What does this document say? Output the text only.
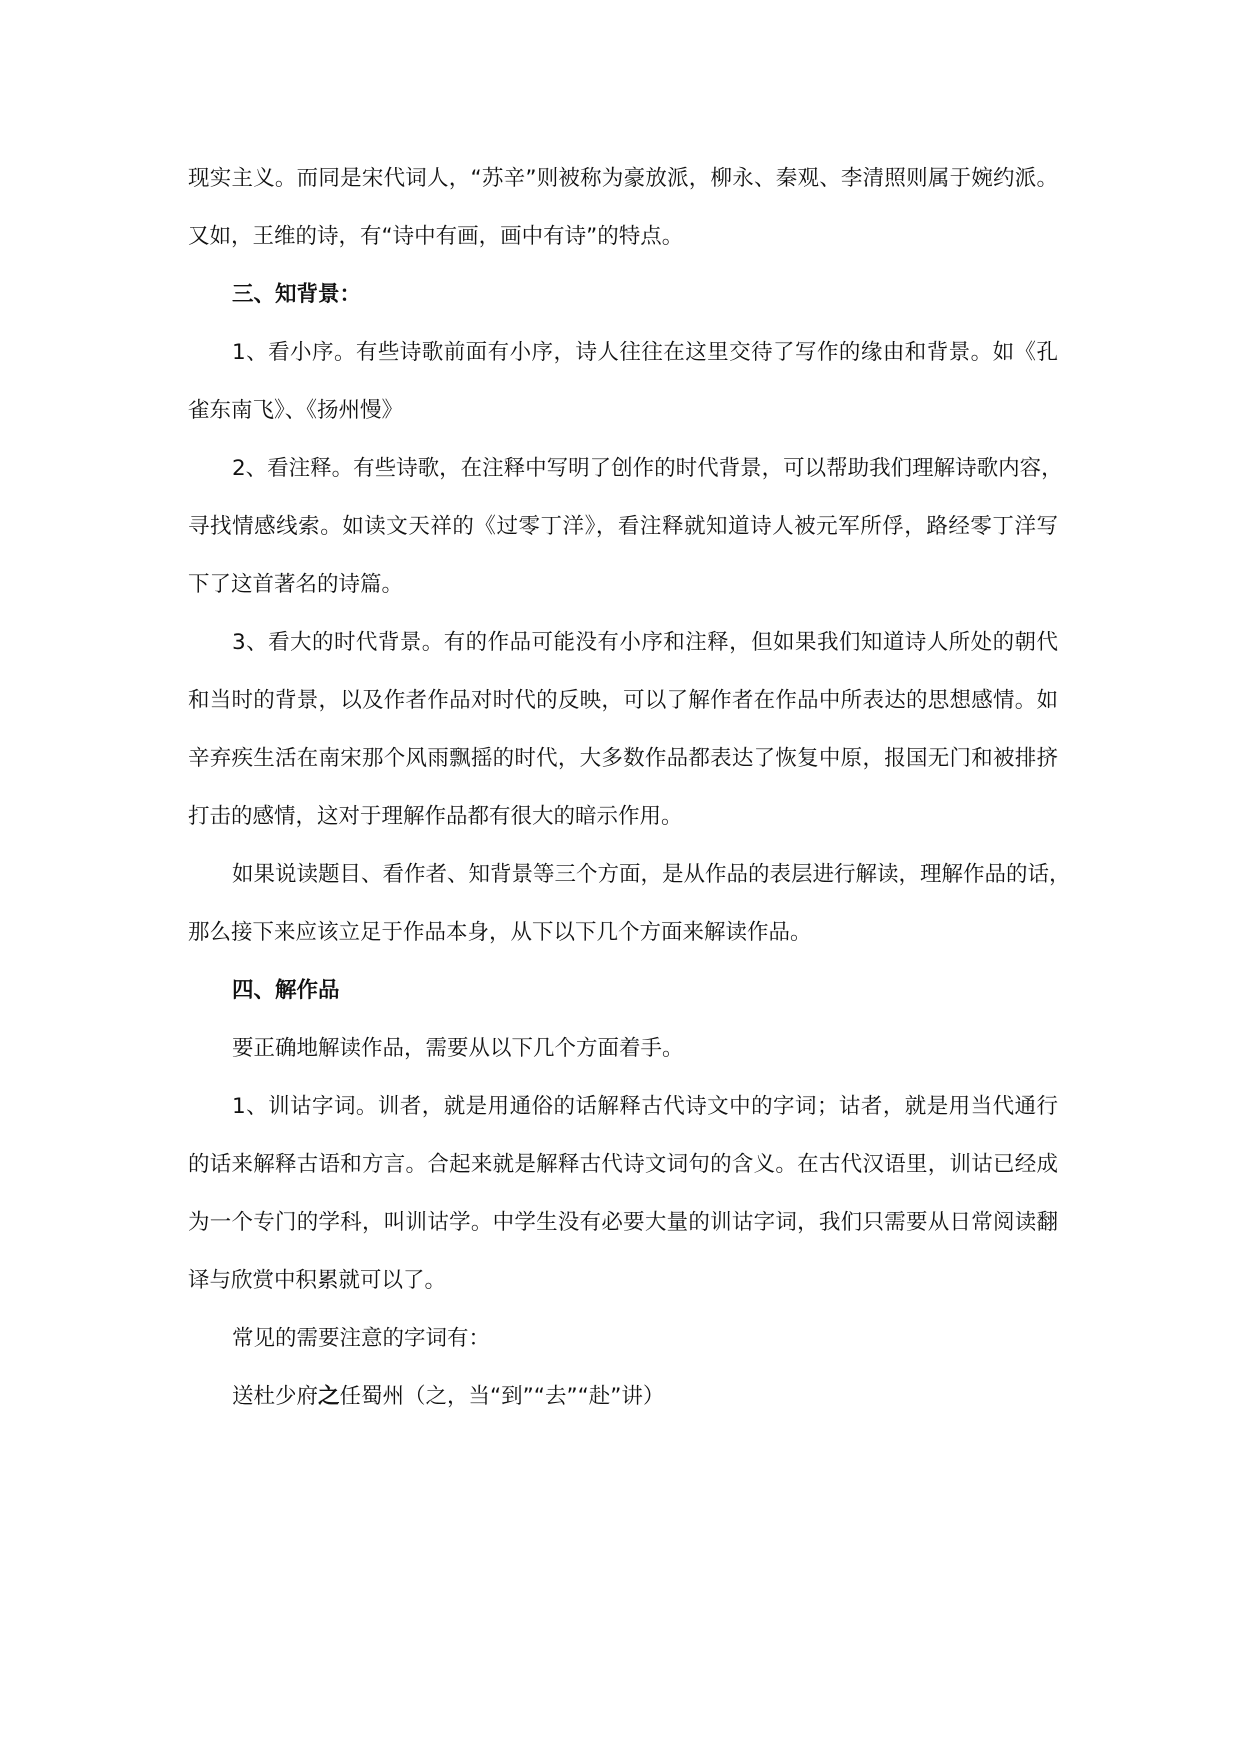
现实主义。而同是宋代词人，“苏辛”则被称为豪放派，柳永、秦观、李清照则属于婉约派。
又如，王维的诗，有“诗中有画，画中有诗”的特点。
三、知背景：
1、看小序。有些诗歌前面有小序，诗人往往在这里交待了写作的缘由和背景。如《孔
雀东南飞》、《扬州慢》
2、看注释。有些诗歌，在注释中写明了创作的时代背景，可以帮助我们理解诗歌内容，
寻找情感线索。如读文天祥的《过零丁洋》，看注释就知道诗人被元军所俘，路经零丁洋写
下了这首著名的诗篇。
3、看大的时代背景。有的作品可能没有小序和注释，但如果我们知道诗人所处的朝代
和当时的背景，以及作者作品对时代的反映，可以了解作者在作品中所表达的思想感情。如
辛弃疾生活在南宋那个风雨飘摇的时代，大多数作品都表达了恢复中原，报国无门和被排挤
打击的感情，这对于理解作品都有很大的暗示作用。
如果说读题目、看作者、知背景等三个方面，是从作品的表层进行解读，理解作品的话，
那么接下来应该立足于作品本身，从下以下几个方面来解读作品。
四、解作品
要正确地解读作品，需要从以下几个方面着手。
1、训诂字词。训者，就是用通俗的话解释古代诗文中的字词；诂者，就是用当代通行
的话来解释古语和方言。合起来就是解释古代诗文词句的含义。在古代汉语里，训诂已经成
为一个专门的学科，叫训诂学。中学生没有必要大量的训诂字词，我们只需要从日常阅读翻
译与欣赏中积累就可以了。
常见的需要注意的字词有：
送杜少府之任蜀州（之，当“到”“去”“赴”讲）
